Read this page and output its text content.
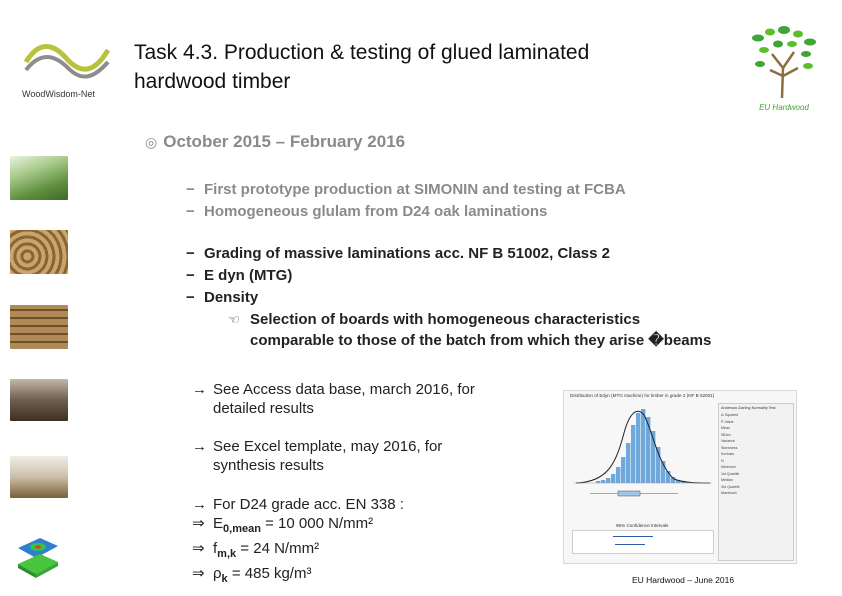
WoodWisdom-Net
Task 4.3. Production & testing of glued laminated
hardwood timber
EU Hardwood
◎ October 2015 – February 2016
− First prototype production at SIMONIN and testing at FCBA
− Homogeneous glulam from D24 oak laminations
− Grading of massive laminations acc. NF B 51002, Class 2
− E dyn (MTG)
− Density
☜ Selection of boards with homogeneous characteristics
comparable to those of the batch from which they arise �beams
→ See Access data base, march 2016, for
detailed results
→ See Excel template, may 2016, for
synthesis results
→ For D24 grade acc. EN 338 :
⇒ $E_{0,mean} = 10$ 000 N/mm²
⇒ $f_{m,k} = 24$ N/mm²
⇒ $\rho_k = 485$ kg/m³
Distribution of Edyn (MTG machine) for timber in grade 2 (NF B 52001)
95% Confidence Intervals
Anderson-Darling Normality Test
A-Squared
P-Value
Mean
StDev
Variance
Skewness
Kurtosis
N
Minimum
1st Quartile
Median
3rd Quartile
Maximum
EU Hardwood – June 2016
